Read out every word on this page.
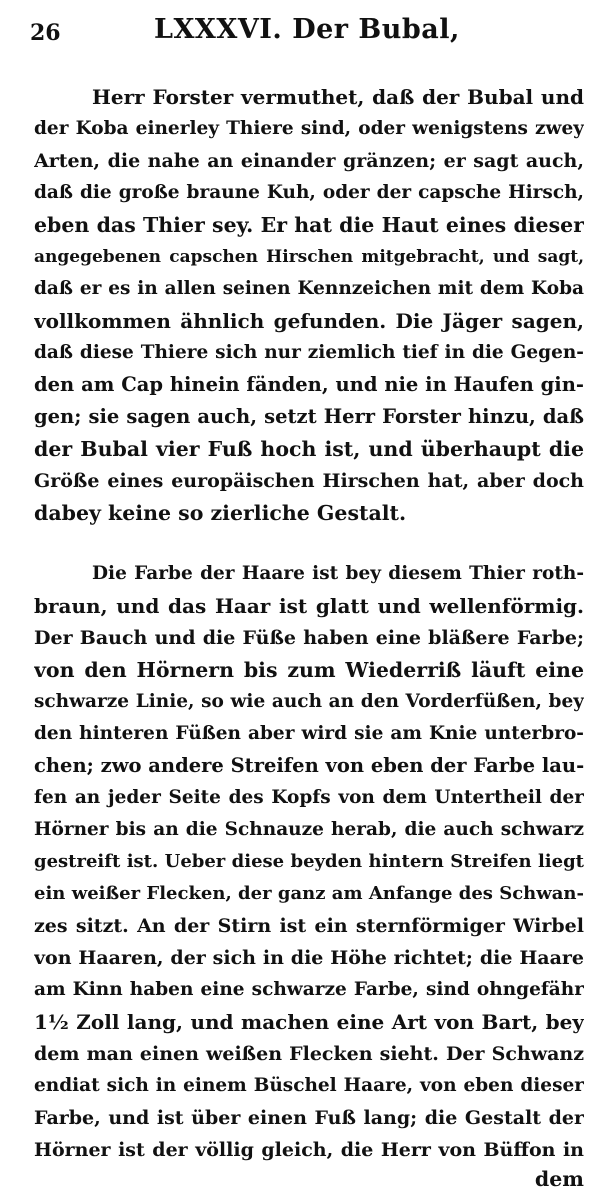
26	LXXXVI. Der Bubal,
Herr Forster vermuthet, daß der Bubal und
der Koba einerley Thiere sind, oder wenigstens zwey
Arten, die nahe an einander gränzen; er sagt auch,
daß die große braune Kuh, oder der capsche Hirsch,
eben das Thier sey. Er hat die Haut eines dieser
angegebenen capschen Hirschen mitgebracht, und sagt,
daß er es in allen seinen Kennzeichen mit dem Koba
vollkommen ähnlich gefunden. Die Jäger sagen,
daß diese Thiere sich nur ziemlich tief in die Gegen-
den am Cap hinein fänden, und nie in Haufen gin-
gen; sie sagen auch, setzt Herr Forster hinzu, daß
der Bubal vier Fuß hoch ist, und überhaupt die
Größe eines europäischen Hirschen hat, aber doch
dabey keine so zierliche Gestalt.
Die Farbe der Haare ist bey diesem Thier roth-
braun, und das Haar ist glatt und wellenförmig.
Der Bauch und die Füße haben eine bläßere Farbe;
von den Hörnern bis zum Wiederriß läuft eine
schwarze Linie, so wie auch an den Vorderfüßen, bey
den hinteren Füßen aber wird sie am Knie unterbro-
chen; zwo andere Streifen von eben der Farbe lau-
fen an jeder Seite des Kopfs von dem Untertheil der
Hörner bis an die Schnauze herab, die auch schwarz
gestreift ist. Ueber diese beyden hintern Streifen liegt
ein weißer Flecken, der ganz am Anfange des Schwan-
zes sitzt. An der Stirn ist ein sternförmiger Wirbel
von Haaren, der sich in die Höhe richtet; die Haare
am Kinn haben eine schwarze Farbe, sind ohngefähr
1½ Zoll lang, und machen eine Art von Bart, bey
dem man einen weißen Flecken sieht. Der Schwanz
endiat sich in einem Büschel Haare, von eben dieser
Farbe, und ist über einen Fuß lang; die Gestalt der
Hörner ist der völlig gleich, die Herr von Büffon in
dem
